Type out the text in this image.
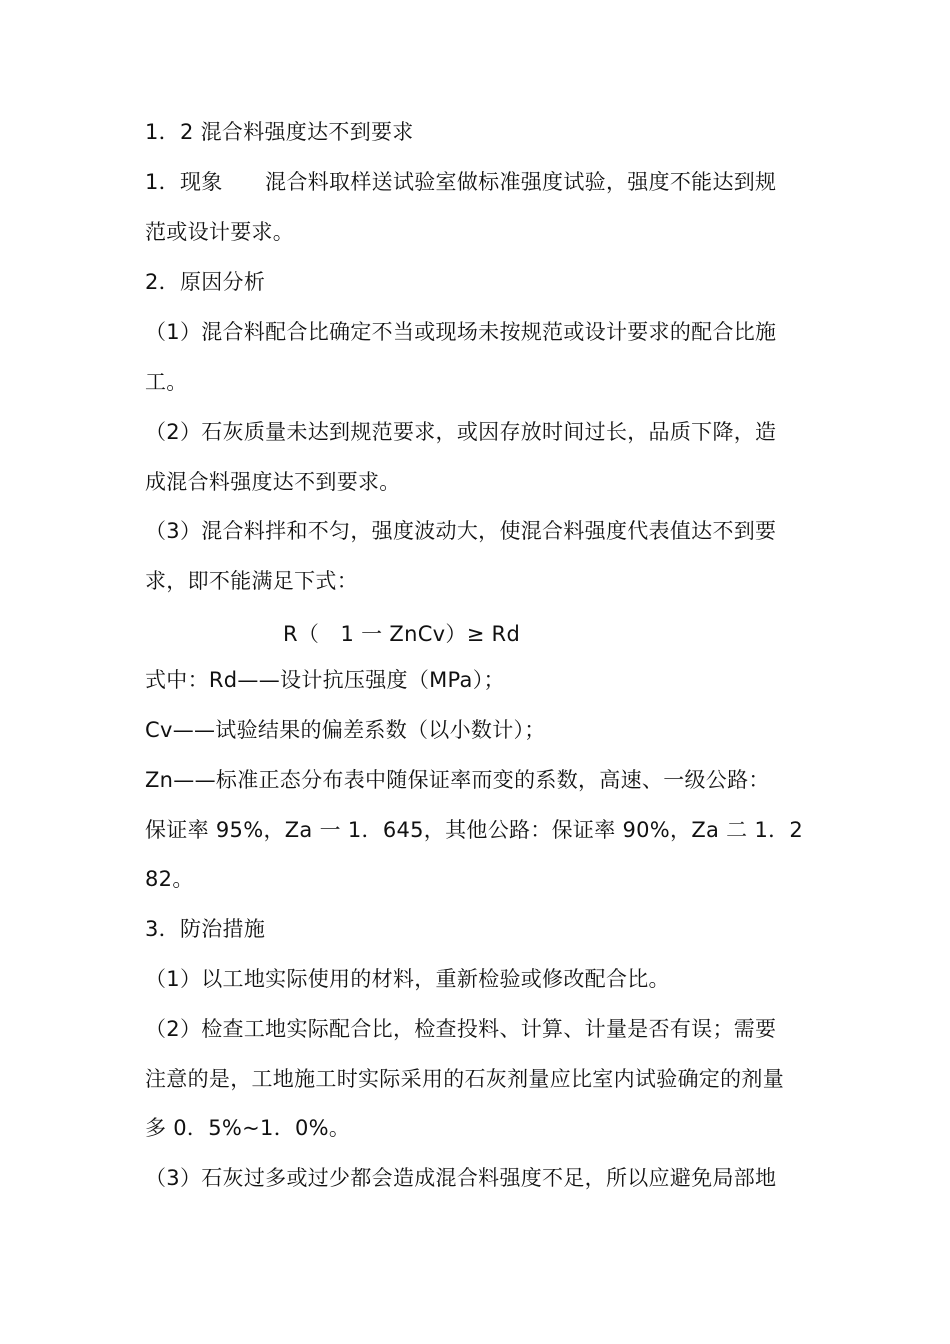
1．2 混合料强度达不到要求
1．现象　　混合料取样送试验室做标准强度试验，强度不能达到规
范或设计要求。
2．原因分析
（1）混合料配合比确定不当或现场未按规范或设计要求的配合比施
工。
（2）石灰质量未达到规范要求，或因存放时间过长，品质下降，造
成混合料强度达不到要求。
（3）混合料拌和不匀，强度波动大，使混合料强度代表值达不到要
求，即不能满足下式：
R（　1 一 ZnCv）≥ Rd
式中：Rd——设计抗压强度（MPa）；
Cv——试验结果的偏差系数（以小数计）；
Zn——标准正态分布表中随保证率而变的系数，高速、一级公路：
保证率 95%，Za 一 1．645，其他公路：保证率 90%，Za 二 1．2
82。
3．防治措施
（1）以工地实际使用的材料，重新检验或修改配合比。
（2）检查工地实际配合比，检查投料、计算、计量是否有误；需要
注意的是，工地施工时实际采用的石灰剂量应比室内试验确定的剂量
多 0．5%~1．0%。
（3）石灰过多或过少都会造成混合料强度不足，所以应避免局部地
